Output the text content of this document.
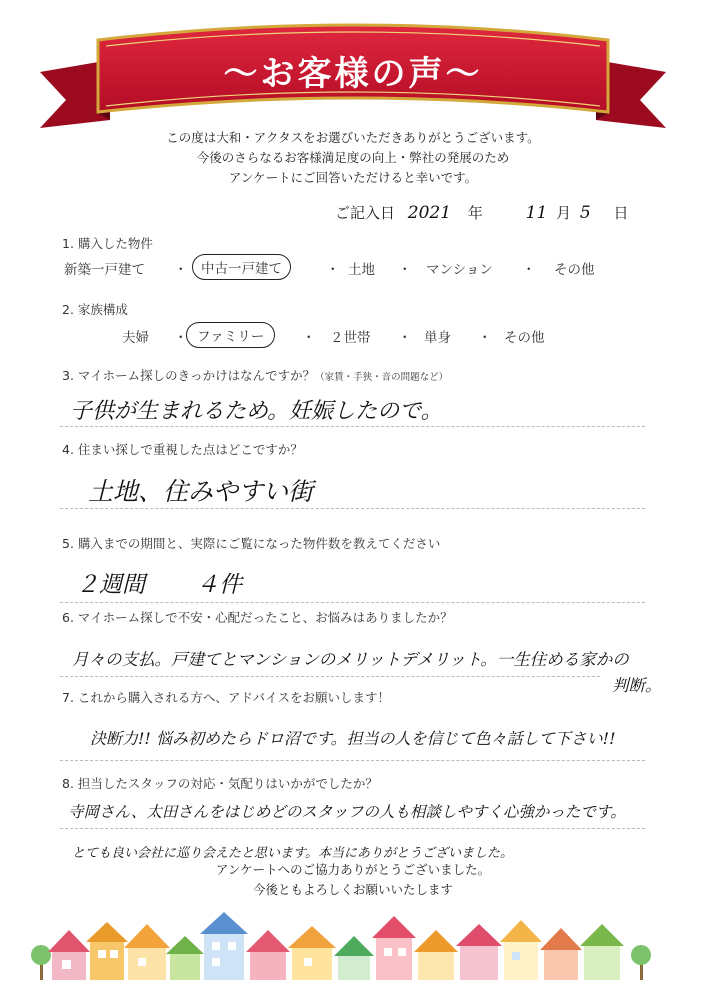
～お客様の声～
この度は大和・アクタスをお選びいただきありがとうございます。
今後のさらなるお客様満足度の向上・弊社の発展のため
アンケートにご回答いただけると幸いです。
ご記入日 2021 年	11 月 5 日
1. 購入した物件
新築一戸建て ・	中古一戸建て	・ 土地 ・ マンション ・ その他
2. 家族構成
夫婦 ・ ファミリー	・ ２世帯 ・ 単身 ・ その他
3. マイホーム探しのきっかけはなんですか？（家賃・手狭・音の問題など）
子供が生まれるため。妊娠したので。
4. 住まい探しで重視した点はどこですか？
土地、住みやすい街
5. 購入までの期間と、実際にご覧になった物件数を教えてください
２週間 ４件
6. マイホーム探しで不安・心配だったこと、お悩みはありましたか？
月々の支払。戸建てとマンションのメリットデメリット。一生住める家かの
判断。
7. これから購入される方へ、アドバイスをお願いします！
決断力!! 悩み初めたらドロ沼です。担当の人を信じて色々話して下さい!!
8. 担当したスタッフの対応・気配りはいかがでしたか？
寺岡さん、太田さんをはじめどのスタッフの人も相談しやすく心強かったです。
とても良い会社に巡り会えたと思います。本当にありがとうございました。
アンケートへのご協力ありがとうございました。
今後ともよろしくお願いいたします
